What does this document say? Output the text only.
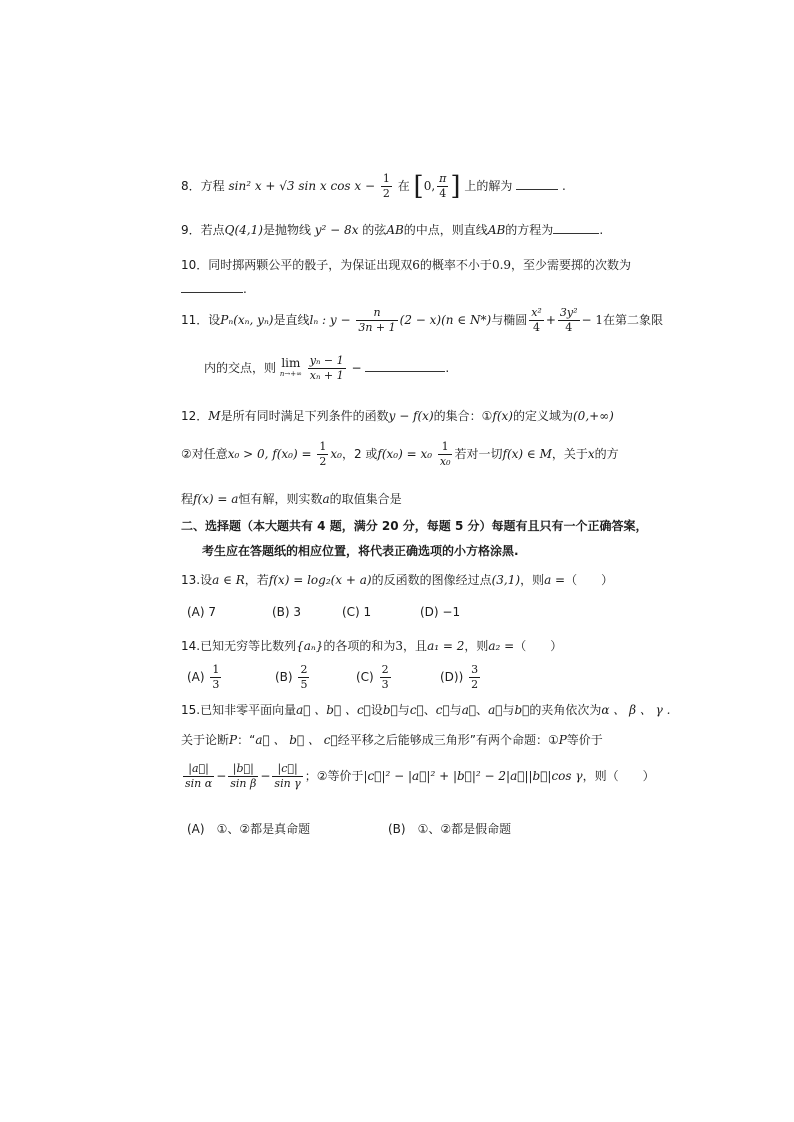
8．方程 sin² x + √3 sin x $\cos x - \frac{1}{2}$ 在 [0, $\frac{\pi}{4}$ ] 上的解为	.
9．若点Q(4,1)是抛物线 y² − 8x 的弦AB的中点，则直线AB的方程为	.
10．同时掷两颗公平的骰子，为保证出现双6的概率不小于0.9，至少需要掷的次数为
.
11．设Pₙ(xₙ, yₙ)是直线lₙ : $y - \frac{n}{3n + 1} (2 - x)(n$ ∈ N*)与椭圆 $\frac{\text{x²}}{4} + \frac{\text{3y²}}{4} - 1$在第二象限
内的交点，则 lim
n→+∞
$\frac{\text{yₙ − 1}}{\text{xₙ + 1}}$ −	.
12．M是所有同时满足下列条件的函数y − f(x)的集合：①f(x)的定义域为(0,+∞)
②对任意x₀ > 0, $f(x_0) = \frac{1}{2} x_0$，2 或$f(x_0) = x_0 \frac{1}{\text{x₀}}$ 若对一切f(x) ∈ M，关于x的方
程f(x) = a恒有解，则实数a的取值集合是
二、选择题（本大题共有 4 题，满分 20 分，每题 5 分）每题有且只有一个正确答案，
考生应在答题纸的相应位置，将代表正确选项的小方格涂黑.
13.设a ∈ R，若f(x) = log₂(x + a)的反函数的图像经过点(3,1)，则a =（　　）
(A) 7	(B) 3	(C) 1	(D) −1
14.已知无穷等比数列{aₙ}的各项的和为3，且a₁ = 2，则a₂ =（　　）
$(A) \frac{1}{3}$	$(B) \frac{2}{5}$	$(C) \frac{2}{3}$	$(D)) \frac{3}{2}$
15.已知非零平面向量a⃗ 、b⃗ 、c⃗设b⃗与c⃗、c⃗与a⃗、a⃗与b⃗的夹角依次为α 、 β 、 γ .
关于论断P：“a⃗ 、 b⃗ 、 c⃗经平移之后能够成三角形”有两个命题：①P等价于
$\frac{|a⃗|}{\text{sin α}} - \frac{|b⃗|}{\text{sin β}} - \frac{|c⃗|}{\text{sin γ}}$ ；②等价于|c⃗|² − |a⃗|² + |b⃗|² − 2|a⃗||b⃗|cos γ，则（　　）
(A)　①、②都是真命题	(B)　①、②都是假命题
